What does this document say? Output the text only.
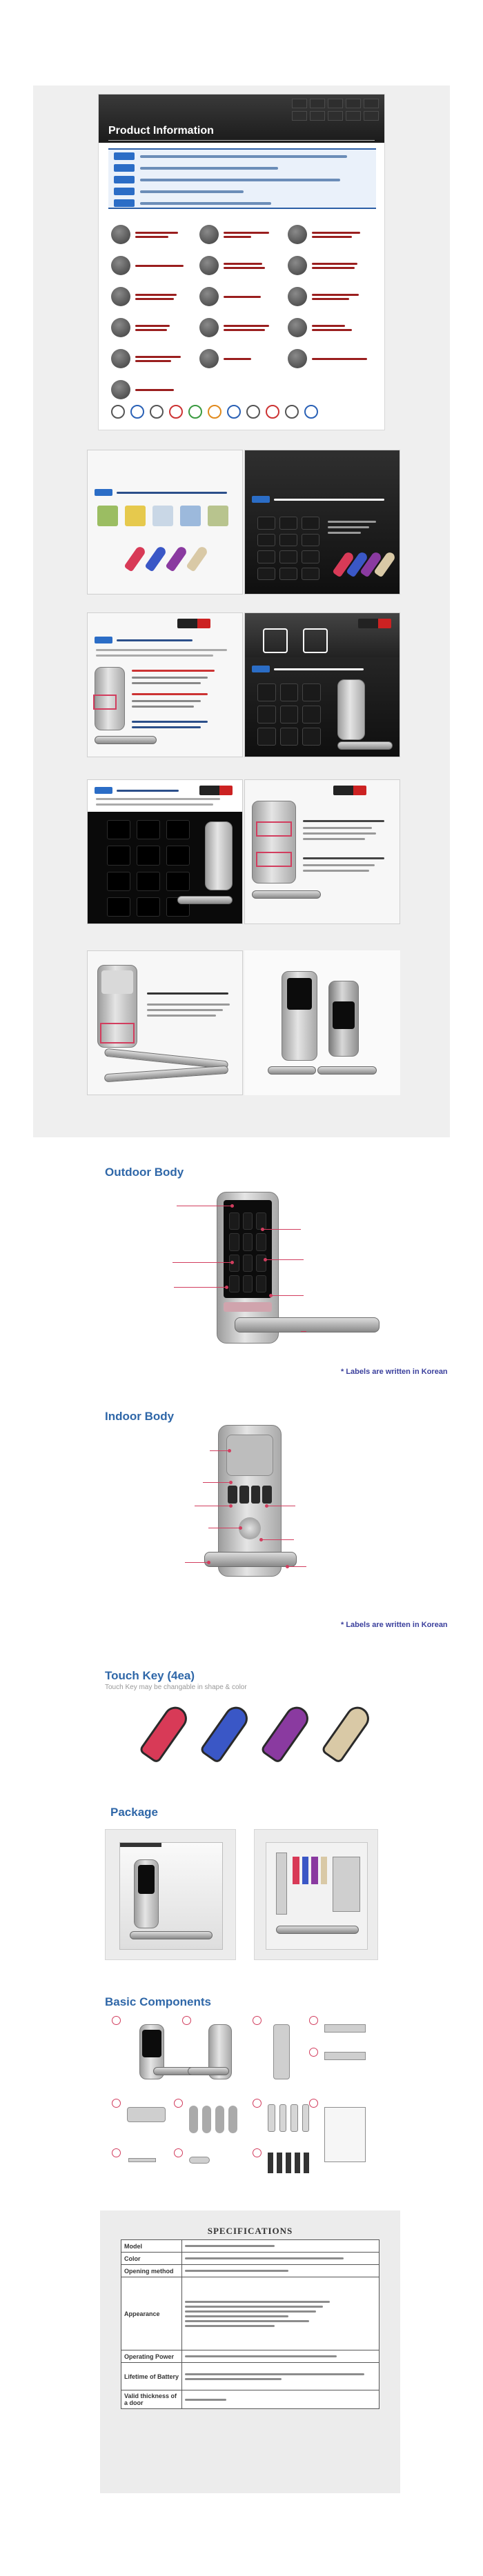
Product Information
Outdoor Body
* Labels are written in Korean
Indoor Body
* Labels are written in Korean
Touch Key (4ea)
Touch Key may be changable in shape & color
Package
Basic Components
SPECIFICATIONS	
Model	

Color	

Opening method	

Appearance	

Operating Power	

Lifetime of Battery	

Valid thickness of a door	
